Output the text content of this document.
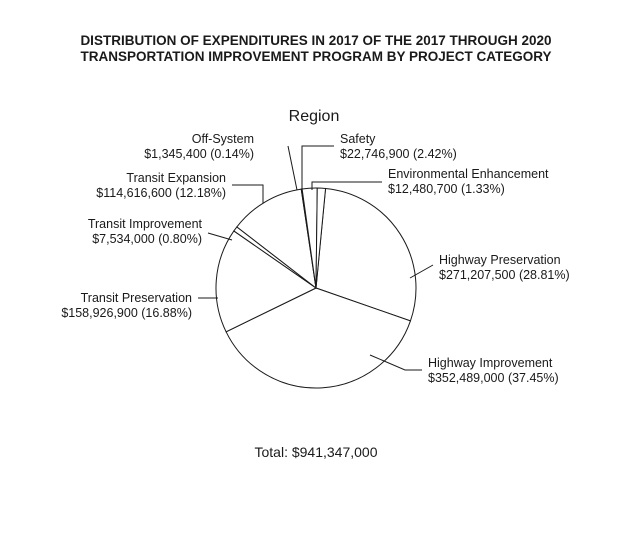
DISTRIBUTION OF EXPENDITURES IN 2017 OF THE 2017 THROUGH 2020
TRANSPORTATION IMPROVEMENT PROGRAM BY PROJECT CATEGORY
Region
Highway Preservation
$271,207,500 (28.81%)
Highway Improvement
$352,489,000 (37.45%)
Transit Preservation
$158,926,900 (16.88%)
Transit Improvement
$7,534,000 (0.80%)
Transit Expansion
$114,616,600 (12.18%)
Off-System
$1,345,400 (0.14%)
Safety
$22,746,900 (2.42%)
Environmental Enhancement
$12,480,700 (1.33%)
Total: $941,347,000
